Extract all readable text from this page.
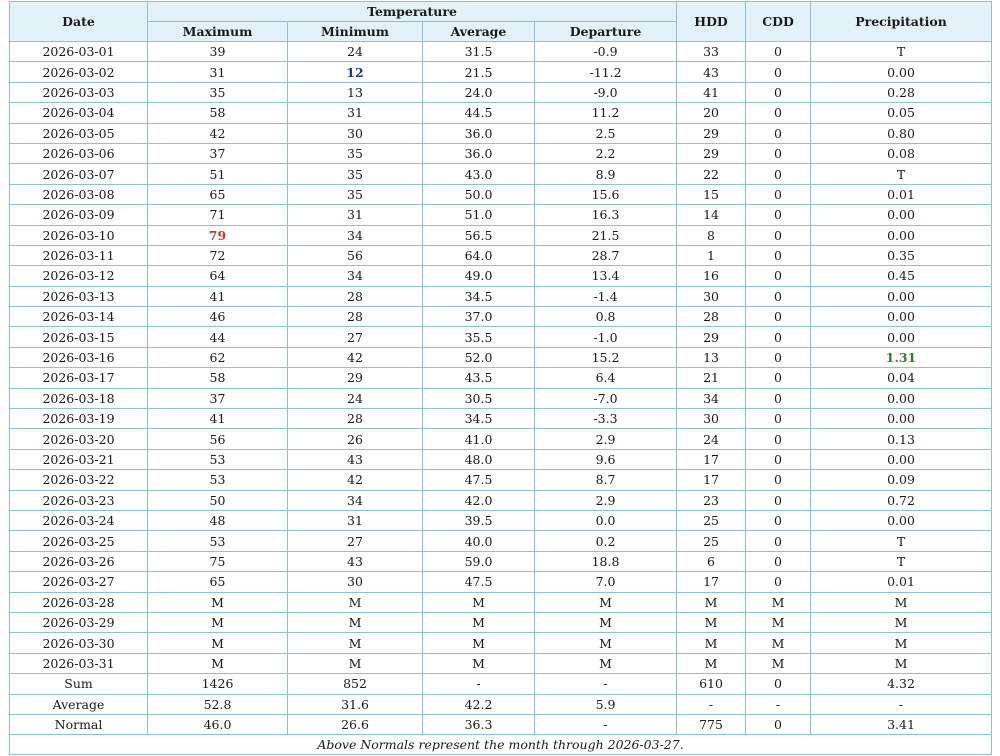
Date	Temperature				HDD	CDD	Precipitation
	Maximum	Minimum	Average	Departure			
2026-03-01	39	24	31.5	-0.9	33	0	T
2026-03-02	31	12	21.5	-11.2	43	0	0.00
2026-03-03	35	13	24.0	-9.0	41	0	0.28
2026-03-04	58	31	44.5	11.2	20	0	0.05
2026-03-05	42	30	36.0	2.5	29	0	0.80
2026-03-06	37	35	36.0	2.2	29	0	0.08
2026-03-07	51	35	43.0	8.9	22	0	T
2026-03-08	65	35	50.0	15.6	15	0	0.01
2026-03-09	71	31	51.0	16.3	14	0	0.00
2026-03-10	79	34	56.5	21.5	8	0	0.00
2026-03-11	72	56	64.0	28.7	1	0	0.35
2026-03-12	64	34	49.0	13.4	16	0	0.45
2026-03-13	41	28	34.5	-1.4	30	0	0.00
2026-03-14	46	28	37.0	0.8	28	0	0.00
2026-03-15	44	27	35.5	-1.0	29	0	0.00
2026-03-16	62	42	52.0	15.2	13	0	1.31
2026-03-17	58	29	43.5	6.4	21	0	0.04
2026-03-18	37	24	30.5	-7.0	34	0	0.00
2026-03-19	41	28	34.5	-3.3	30	0	0.00
2026-03-20	56	26	41.0	2.9	24	0	0.13
2026-03-21	53	43	48.0	9.6	17	0	0.00
2026-03-22	53	42	47.5	8.7	17	0	0.09
2026-03-23	50	34	42.0	2.9	23	0	0.72
2026-03-24	48	31	39.5	0.0	25	0	0.00
2026-03-25	53	27	40.0	0.2	25	0	T
2026-03-26	75	43	59.0	18.8	6	0	T
2026-03-27	65	30	47.5	7.0	17	0	0.01
2026-03-28	M	M	M	M	M	M	M
2026-03-29	M	M	M	M	M	M	M
2026-03-30	M	M	M	M	M	M	M
2026-03-31	M	M	M	M	M	M	M
Sum	1426	852	-	-	610	0	4.32
Average	52.8	31.6	42.2	5.9	-	-	-
Normal	46.0	26.6	36.3	-	775	0	3.41
Above Normals represent the month through 2026-03-27.							
